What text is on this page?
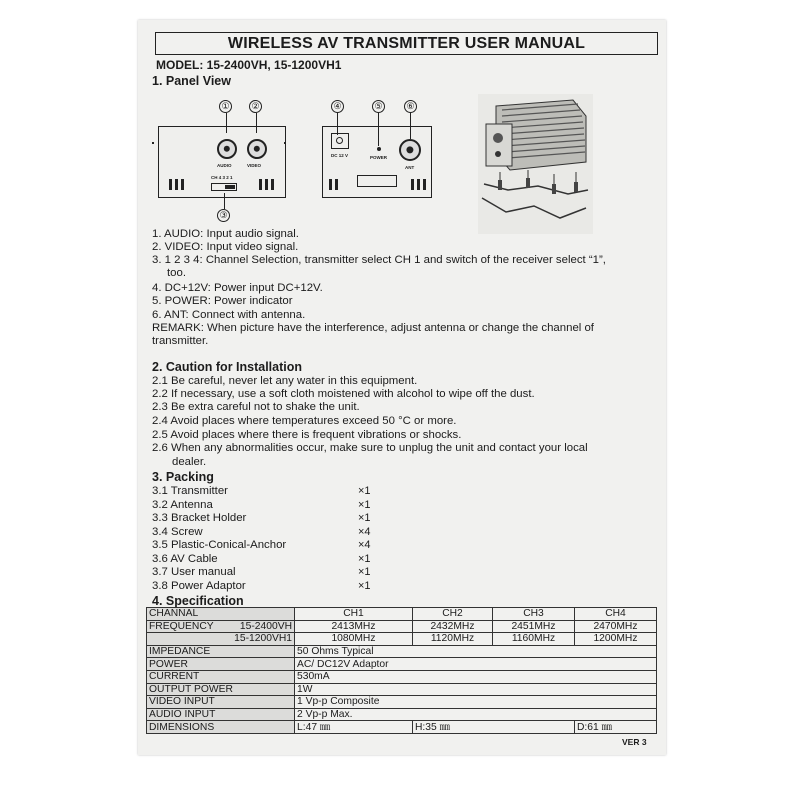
WIRELESS AV TRANSMITTER USER MANUAL
MODEL: 15-2400VH, 15-1200VH1
1. Panel View
AUDIO	VIDEO
CH 4 3 2 1
① ②
③
DC 12 V	POWER
ANT
④	⑤	⑥
1. AUDIO: Input audio signal.
2. VIDEO: Input video signal.
3. 1 2 3 4: Channel Selection, transmitter select CH 1 and switch of the receiver select “1”,
too.
4. DC+12V: Power input DC+12V.
5. POWER: Power indicator
6. ANT: Connect with antenna.
REMARK: When picture have the interference, adjust antenna or change the channel of
transmitter.
2. Caution for Installation
2.1 Be careful, never let any water in this equipment.
2.2 If necessary, use a soft cloth moistened with alcohol to wipe off the dust.
2.3 Be extra careful not to shake the unit.
2.4 Avoid places where temperatures exceed 50 °C or more.
2.5 Avoid places where there is frequent vibrations or shocks.
2.6 When any abnormalities occur, make sure to unplug the unit and contact your local
dealer.
3. Packing
3.1 Transmitter	×1
3.2 Antenna	×1
3.3 Bracket Holder	×1
3.4 Screw	×4
3.5 Plastic-Conical-Anchor	×4
3.6 AV Cable	×1
3.7 User manual	×1
3.8 Power Adaptor	×1
4. Specification
CHANNAL	CH1	CH2	CH3	CH4
FREQUENCY 15-2400VH	2413MHz	2432MHz	2451MHz	2470MHz
15-1200VH1	1080MHz	1120MHz	1160MHz	1200MHz
IMPEDANCE	50 Ohms Typical			
POWER	AC/ DC12V Adaptor			
CURRENT	530mA			
OUTPUT POWER	1W			
VIDEO INPUT	1 Vp-p Composite			
AUDIO INPUT	2 Vp-p Max.			
DIMENSIONS	L:47 ㎜	H:35 ㎜		D:61 ㎜
VER 3
